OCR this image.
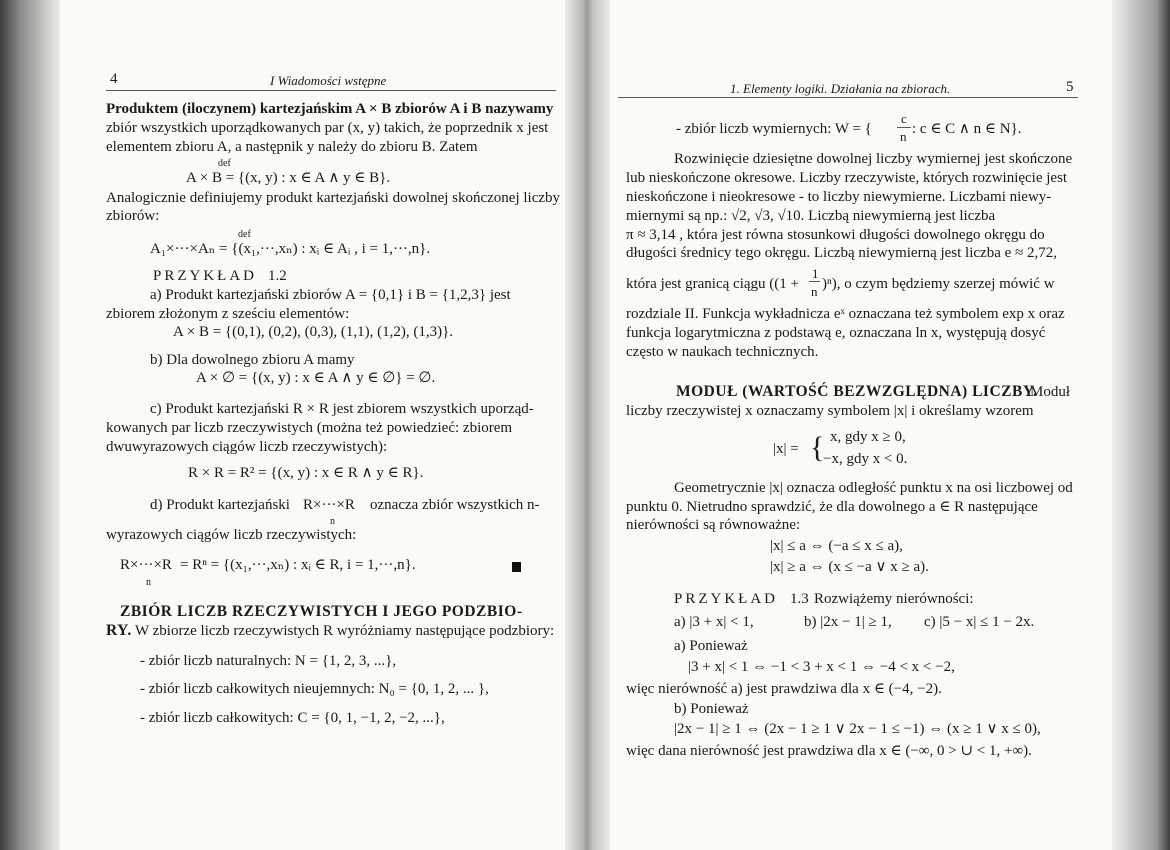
4	I Wiadomości wstępne
Produktem (iloczynem) kartezjańskim A × B zbiorów A i B nazywamy
zbiór wszystkich uporządkowanych par (x, y) takich, że poprzednik x jest
elementem zbioru A, a następnik y należy do zbioru B. Zatem
def
A × B = {(x, y) : x ∈ A ∧ y ∈ B}.
Analogicznie definiujemy produkt kartezjański dowolnej skończonej liczby
zbiorów:
def
A₁×···×Aₙ = {(x₁,···,xₙ) : xᵢ ∈ Aᵢ , i = 1,···,n}.
PRZYKŁAD 1.2
a) Produkt kartezjański zbiorów A = {0,1} i B = {1,2,3} jest
zbiorem złożonym z sześciu elementów:
A × B = {(0,1), (0,2), (0,3), (1,1), (1,2), (1,3)}.
b) Dla dowolnego zbioru A mamy
A × ∅ = {(x, y) : x ∈ A ∧ y ∈ ∅} = ∅.
c) Produkt kartezjański R × R jest zbiorem wszystkich uporząd-
kowanych par liczb rzeczywistych (można też powiedzieć: zbiorem
dwuwyrazowych ciągów liczb rzeczywistych):
R × R = R² = {(x, y) : x ∈ R ∧ y ∈ R}.
d) Produkt kartezjański R×···×R oznacza zbiór wszystkich n-
n
wyrazowych ciągów liczb rzeczywistych:
R×···×R = Rⁿ = {(x₁,···,xₙ) : xᵢ ∈ R, i = 1,···,n}.
n
ZBIÓR LICZB RZECZYWISTYCH I JEGO PODZBIO-
RY. W zbiorze liczb rzeczywistych R wyróżniamy następujące podzbiory:
- zbiór liczb naturalnych: N = {1, 2, 3, ...},
- zbiór liczb całkowitych nieujemnych: N₀ = {0, 1, 2, ... },
- zbiór liczb całkowitych: C = {0, 1, −1, 2, −2, ...},
1. Elementy logiki. Działania na zbiorach.	5
- zbiór liczb wymiernych: W = {
c
n : c ∈ C ∧ n ∈ N}.
Rozwinięcie dziesiętne dowolnej liczby wymiernej jest skończone
lub nieskończone okresowe. Liczby rzeczywiste, których rozwinięcie jest
nieskończone i nieokresowe - to liczby niewymierne. Liczbami niewy-
miernymi są np.: √2, √3, √10. Liczbą niewymierną jest liczba
π ≈ 3,14 , która jest równa stosunkowi długości dowolnego okręgu do
długości średnicy tego okręgu. Liczbą niewymierną jest liczba e ≈ 2,72,
która jest granicą ciągu ((1 +
1
n )ⁿ), o czym będziemy szerzej mówić w
rozdziale II. Funkcja wykładnicza eˣ oznaczana też symbolem exp x oraz
funkcja logarytmiczna z podstawą e, oznaczana ln x, występują dosyć
często w naukach technicznych.
MODUŁ (WARTOŚĆ BEZWZGLĘDNA) LICZBY.
Moduł
liczby rzeczywistej x oznaczamy symbolem |x| i określamy wzorem
|x| = { x, gdy x ≥ 0,
−x, gdy x < 0.
Geometrycznie |x| oznacza odległość punktu x na osi liczbowej od
punktu 0. Nietrudno sprawdzić, że dla dowolnego a ∈ R następujące
nierówności są równoważne:
|x| ≤ a ⇔ (−a ≤ x ≤ a),
|x| ≥ a ⇔ (x ≤ −a ∨ x ≥ a).
PRZYKŁAD 1.3 Rozwiążemy nierówności:
a) |3 + x| < 1,	b) |2x − 1| ≥ 1, c) |5 − x| ≤ 1 − 2x.
a) Ponieważ
|3 + x| < 1 ⇔ −1 < 3 + x < 1 ⇔ −4 < x < −2,
więc nierówność a) jest prawdziwa dla x ∈ (−4, −2).
b) Ponieważ
|2x − 1| ≥ 1 ⇔ (2x − 1 ≥ 1 ∨ 2x − 1 ≤ −1) ⇔ (x ≥ 1 ∨ x ≤ 0),
więc dana nierówność jest prawdziwa dla x ∈ (−∞, 0 > ∪ < 1, +∞).
